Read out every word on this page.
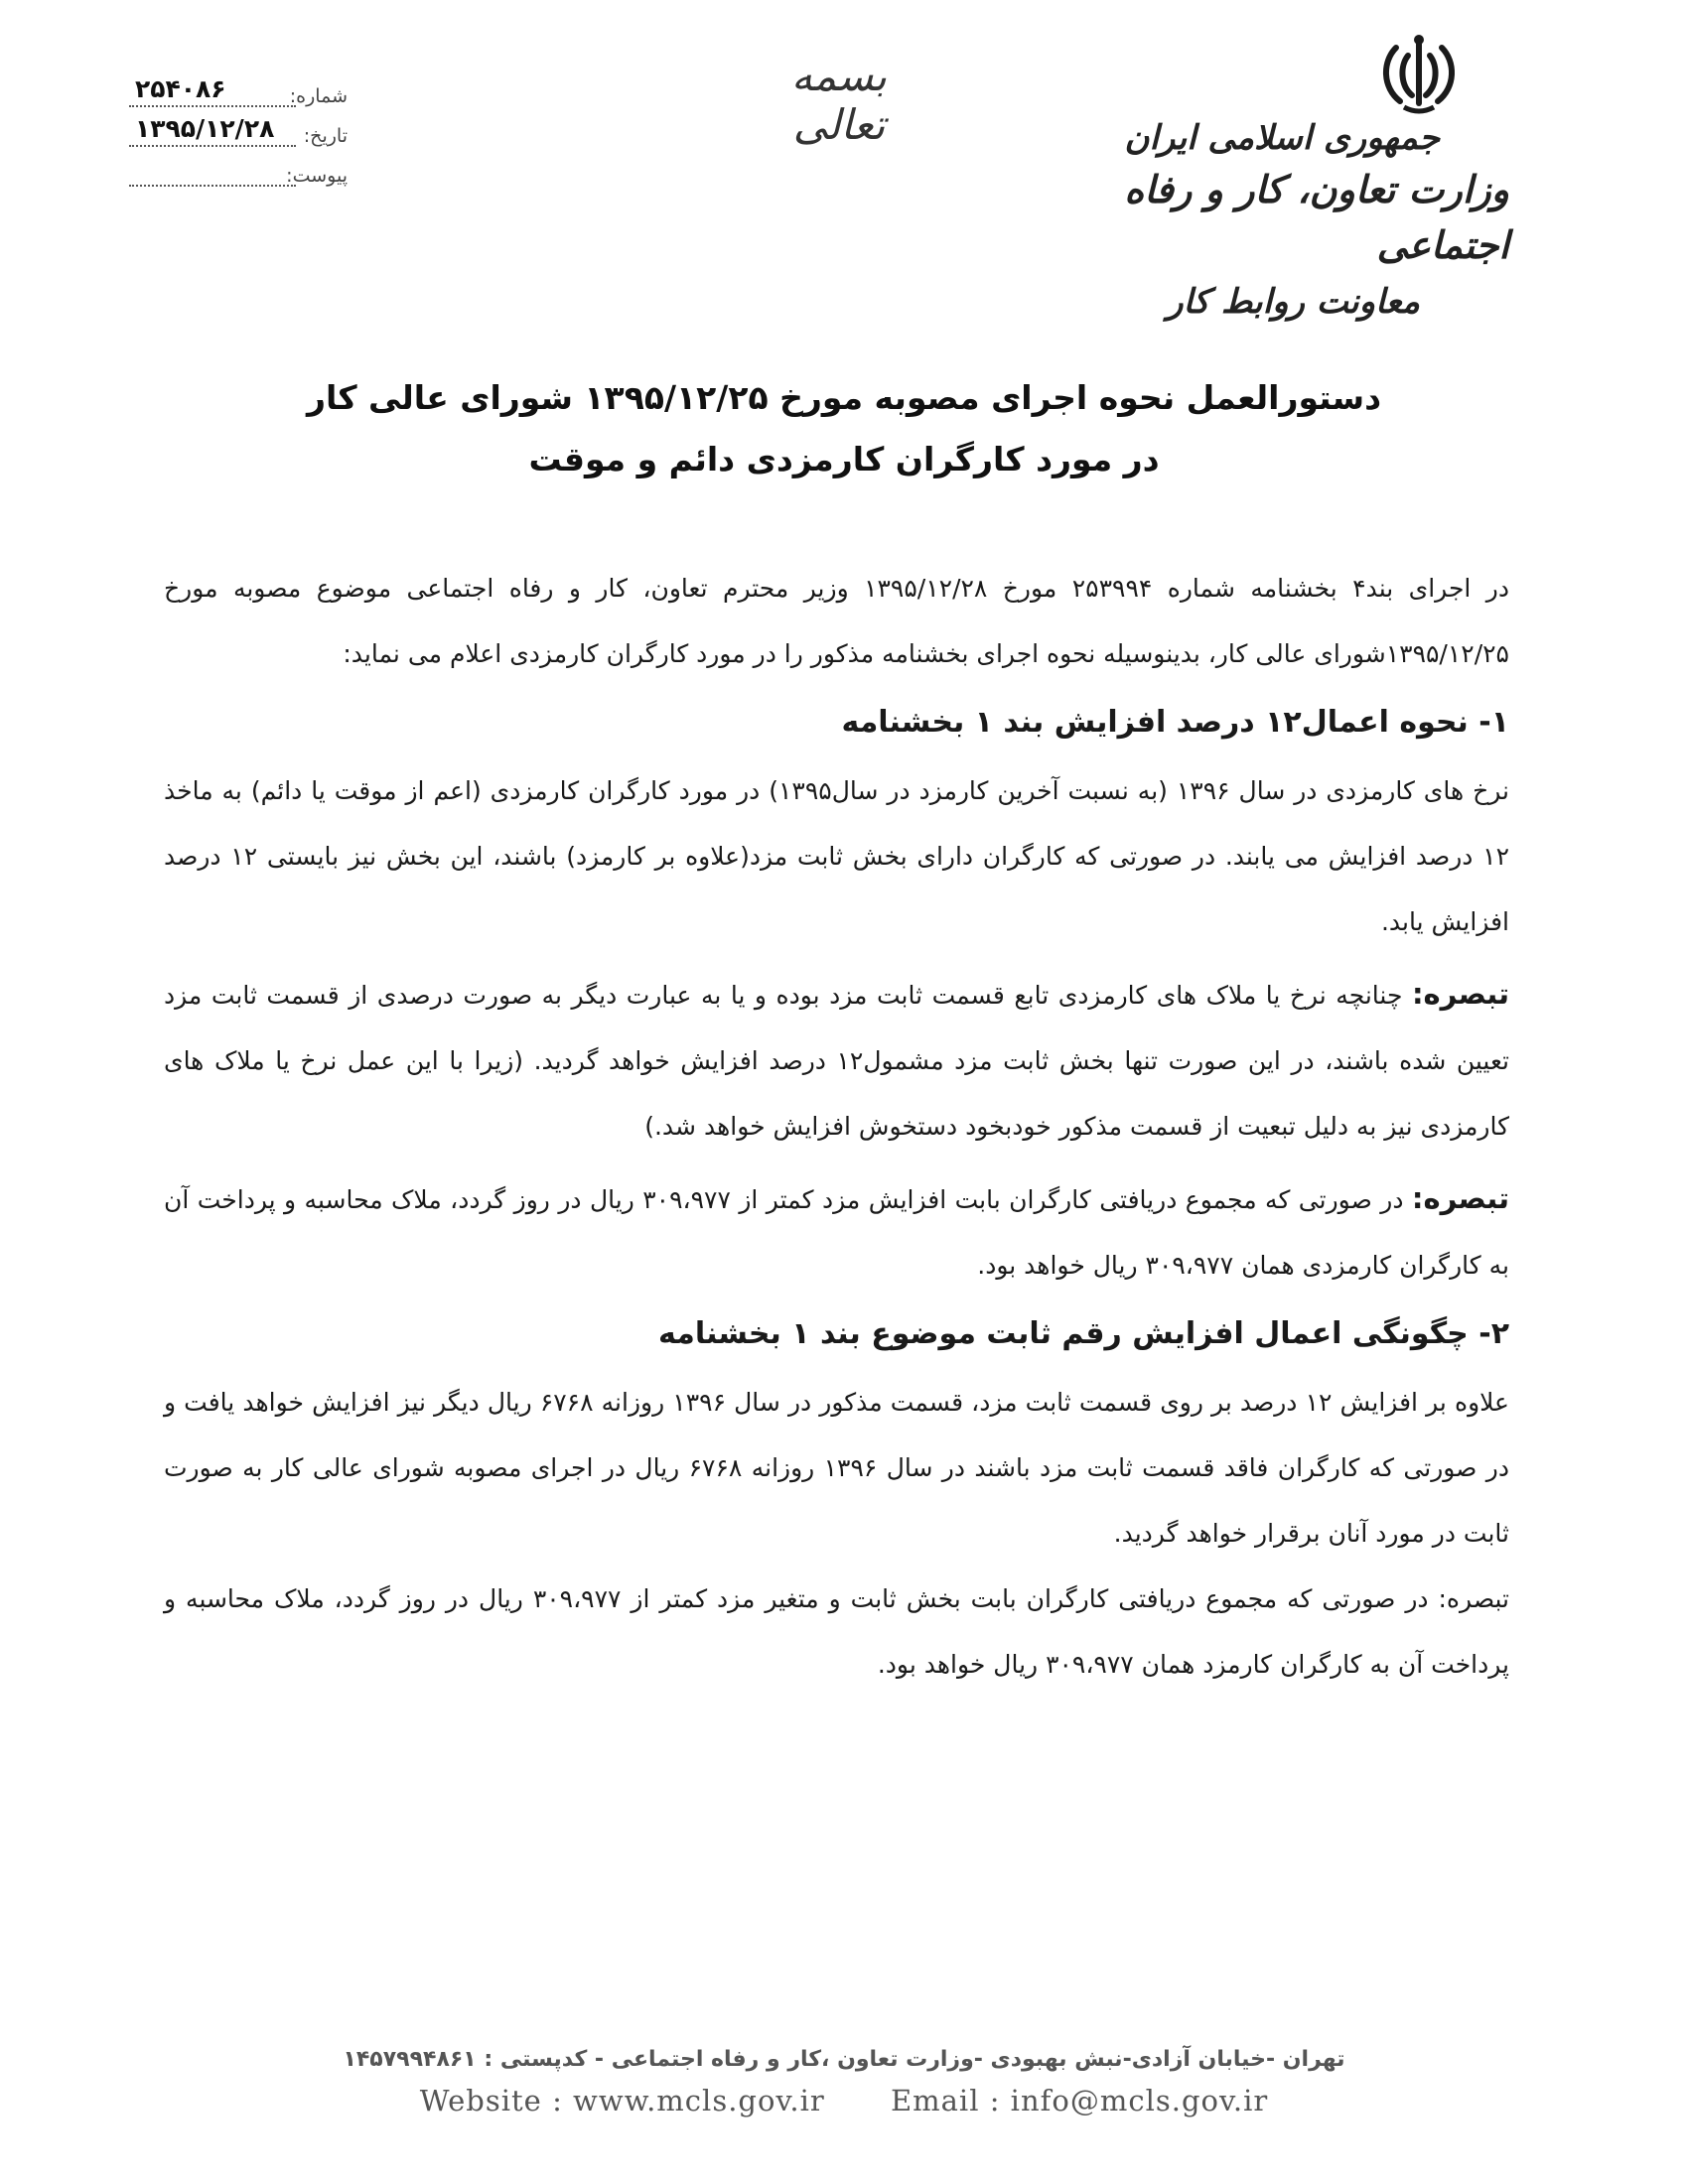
جمهوری اسلامی ایران
وزارت تعاون، کار و رفاه اجتماعی
معاونت روابط کار
بسمه تعالی
شماره:
۲۵۴۰۸۶
تاریخ:
۱۳۹۵/۱۲/۲۸
پیوست:
دستورالعمل نحوه اجرای مصوبه مورخ ۱۳۹۵/۱۲/۲۵ شورای عالی کار
در مورد کارگران کارمزدی دائم و موقت

در اجرای بند۴ بخشنامه شماره ۲۵۳۹۹۴ مورخ ۱۳۹۵/۱۲/۲۸ وزیر محترم تعاون، کار و رفاه اجتماعی موضوع مصوبه مورخ ۱۳۹۵/۱۲/۲۵شورای عالی کار، بدینوسیله نحوه اجرای بخشنامه مذکور را در مورد کارگران کارمزدی اعلام می نماید:

۱- نحوه اعمال۱۲ درصد افزایش بند ۱ بخشنامه

نرخ های کارمزدی در سال ۱۳۹۶ (به نسبت آخرین کارمزد در سال۱۳۹۵) در مورد کارگران کارمزدی (اعم از موقت یا دائم) به ماخذ ۱۲ درصد افزایش می یابند. در صورتی که کارگران دارای بخش ثابت مزد(علاوه بر کارمزد) باشند، این بخش نیز بایستی ۱۲ درصد افزایش یابد.

تبصره: چنانچه نرخ یا ملاک های کارمزدی تابع قسمت ثابت مزد بوده و یا به عبارت دیگر به صورت درصدی از قسمت ثابت مزد تعیین شده باشند، در این صورت تنها بخش ثابت مزد مشمول۱۲ درصد افزایش خواهد گردید. (زیرا با این عمل نرخ یا ملاک های کارمزدی نیز به دلیل تبعیت از قسمت مذکور خودبخود دستخوش افزایش خواهد شد.)

تبصره: در صورتی که مجموع دریافتی کارگران بابت افزایش مزد کمتر از ۳۰۹،۹۷۷ ریال در روز گردد، ملاک محاسبه و پرداخت آن به کارگران کارمزدی همان ۳۰۹،۹۷۷ ریال خواهد بود.

۲- چگونگی اعمال افزایش رقم ثابت موضوع بند ۱ بخشنامه

علاوه بر افزایش ۱۲ درصد بر روی قسمت ثابت مزد، قسمت مذکور در سال ۱۳۹۶ روزانه ۶۷۶۸ ریال دیگر نیز افزایش خواهد یافت و در صورتی که کارگران فاقد قسمت ثابت مزد باشند در سال ۱۳۹۶ روزانه ۶۷۶۸ ریال در اجرای مصوبه شورای عالی کار به صورت ثابت در مورد آنان برقرار خواهد گردید.

تبصره: در صورتی که مجموع دریافتی کارگران بابت بخش ثابت و متغیر مزد کمتر از ۳۰۹،۹۷۷ ریال در روز گردد، ملاک محاسبه و پرداخت آن به کارگران کارمزد همان ۳۰۹،۹۷۷ ریال خواهد بود.

تهران -خیابان آزادی-نبش بهبودی -وزارت تعاون ،کار و رفاه اجتماعی - کدپستی : ۱۴۵۷۹۹۴۸۶۱
Website : www.mcls.gov.ir Email : info@mcls.gov.ir
